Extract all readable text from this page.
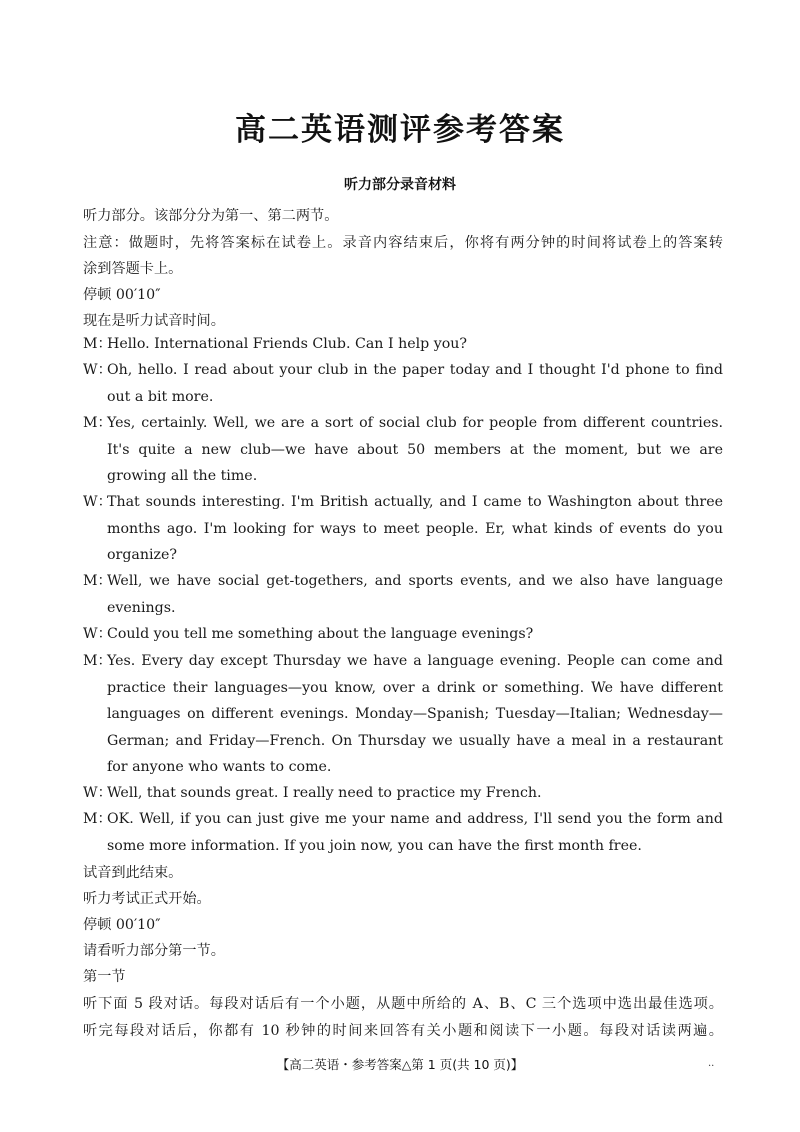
高二英语测评参考答案
听力部分录音材料
听力部分。该部分分为第一、第二两节。
注意：做题时，先将答案标在试卷上。录音内容结束后，你将有两分钟的时间将试卷上的答案转
涂到答题卡上。
停顿 00′10″
现在是听力试音时间。
M：
Hello. International Friends Club. Can I help you?
W：
Oh, hello. I read about your club in the paper today and I thought I'd phone to find out a bit more.
M：
Yes, certainly. Well, we are a sort of social club for people from different countries. It's quite a new club—we have about 50 members at the moment, but we are growing all the time.
W：
That sounds interesting. I'm British actually, and I came to Washington about three months ago. I'm looking for ways to meet people. Er, what kinds of events do you organize?
M：
Well, we have social get-togethers, and sports events, and we also have language evenings.
W：
Could you tell me something about the language evenings?
M：
Yes. Every day except Thursday we have a language evening. People can come and practice their languages—you know, over a drink or something. We have different languages on different evenings. Monday—Spanish; Tuesday—Italian; Wednesday—German; and Friday—French. On Thursday we usually have a meal in a restaurant for anyone who wants to come.
W：
Well, that sounds great. I really need to practice my French.
M：
OK. Well, if you can just give me your name and address, I'll send you the form and some more information. If you join now, you can have the first month free.
试音到此结束。
听力考试正式开始。
停顿 00′10″
请看听力部分第一节。
第一节
听下面 5 段对话。每段对话后有一个小题，从题中所给的 A、B、C 三个选项中选出最佳选项。
听完每段对话后，你都有 10 秒钟的时间来回答有关小题和阅读下一小题。每段对话读两遍。
【高二英语・参考答案△第 1 页(共 10 页)】	..
